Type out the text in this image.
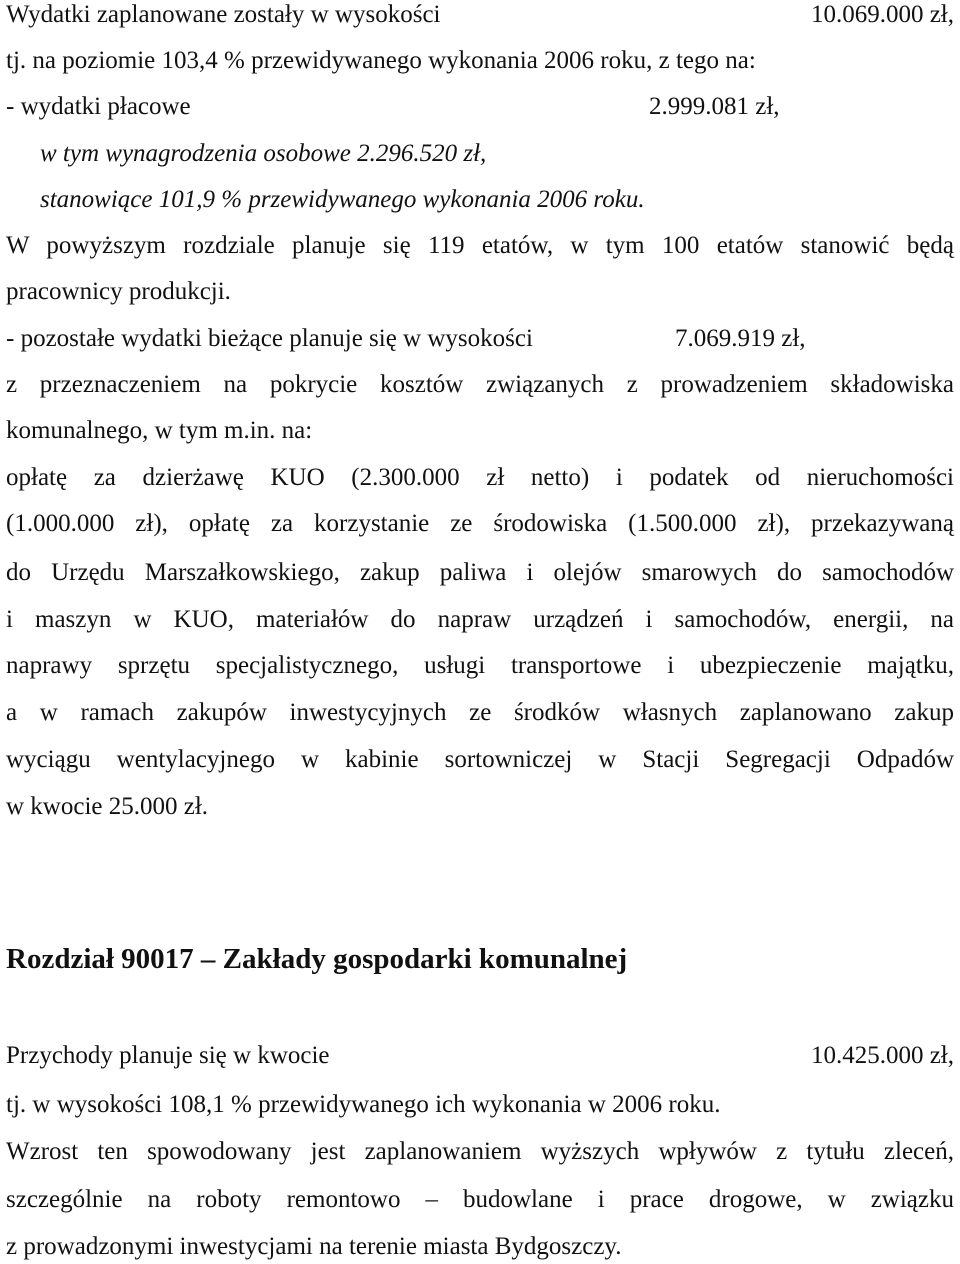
Wydatki zaplanowane zostały w wysokości	10.069.000 zł,
tj. na poziomie 103,4 % przewidywanego wykonania 2006 roku, z tego na:
- wydatki płacowe	2.999.081 zł,
w tym wynagrodzenia osobowe 2.296.520 zł,
stanowiące 101,9 % przewidywanego wykonania 2006 roku.
W powyższym rozdziale planuje się 119 etatów, w tym 100 etatów stanowić będą
pracownicy produkcji.
- pozostałe wydatki bieżące planuje się w wysokości	7.069.919 zł,
z przeznaczeniem na pokrycie kosztów związanych z prowadzeniem składowiska
komunalnego, w tym m.in. na:
opłatę za dzierżawę KUO (2.300.000 zł netto) i podatek od nieruchomości
(1.000.000 zł), opłatę za korzystanie ze środowiska (1.500.000 zł), przekazywaną
do Urzędu Marszałkowskiego, zakup paliwa i olejów smarowych do samochodów
i maszyn w KUO, materiałów do napraw urządzeń i samochodów, energii, na
naprawy sprzętu specjalistycznego, usługi transportowe i ubezpieczenie majątku,
a w ramach zakupów inwestycyjnych ze środków własnych zaplanowano zakup
wyciągu wentylacyjnego w kabinie sortowniczej w Stacji Segregacji Odpadów
w kwocie 25.000 zł.
Rozdział 90017 – Zakłady gospodarki komunalnej
Przychody planuje się w kwocie	10.425.000 zł,
tj. w wysokości 108,1 % przewidywanego ich wykonania w 2006 roku.
Wzrost ten spowodowany jest zaplanowaniem wyższych wpływów z tytułu zleceń,
szczególnie na roboty remontowo – budowlane i prace drogowe, w związku
z prowadzonymi inwestycjami na terenie miasta Bydgoszczy.
